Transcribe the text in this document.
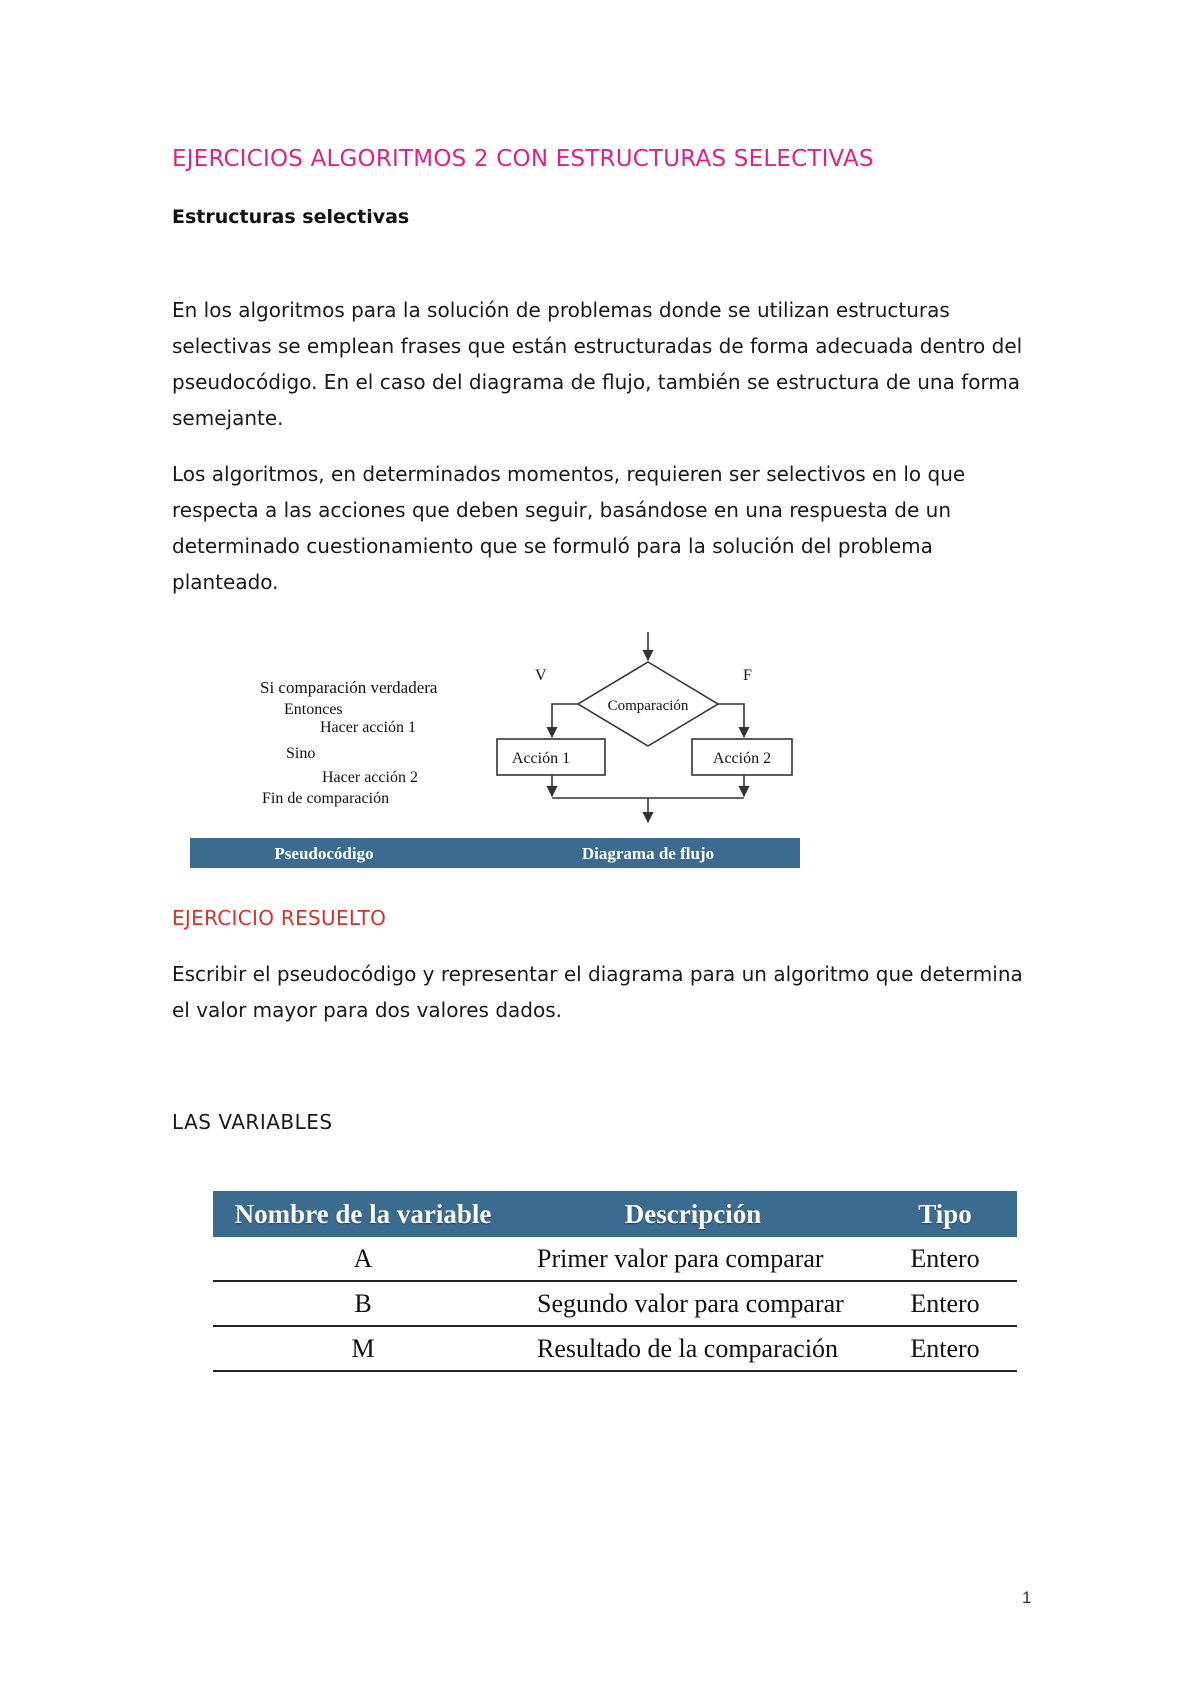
EJERCICIOS ALGORITMOS 2 CON ESTRUCTURAS SELECTIVAS
Estructuras selectivas

En los algoritmos para la solución de problemas donde se utilizan estructuras selectivas se emplean frases que están estructuradas de forma adecuada dentro del pseudocódigo. En el caso del diagrama de flujo, también se estructura de una forma semejante.

Los algoritmos, en determinados momentos, requieren ser selectivos en lo que respecta a las acciones que deben seguir, basándose en una respuesta de un determinado cuestionamiento que se formuló para la solución del problema planteado.

Si comparación verdadera
Entonces
Hacer acción 1
Sino
Hacer acción 2
Fin de comparación
Comparación
V	F
Acción 1	Acción 2
Pseudocódigo	Diagrama de flujo
EJERCICIO RESUELTO

Escribir el pseudocódigo y representar el diagrama para un algoritmo que determina el valor mayor para dos valores dados.

LAS VARIABLES
Nombre de la variable	Descripción	Tipo
A	Primer valor para comparar	Entero
B	Segundo valor para comparar	Entero
M	Resultado de la comparación	Entero
1
